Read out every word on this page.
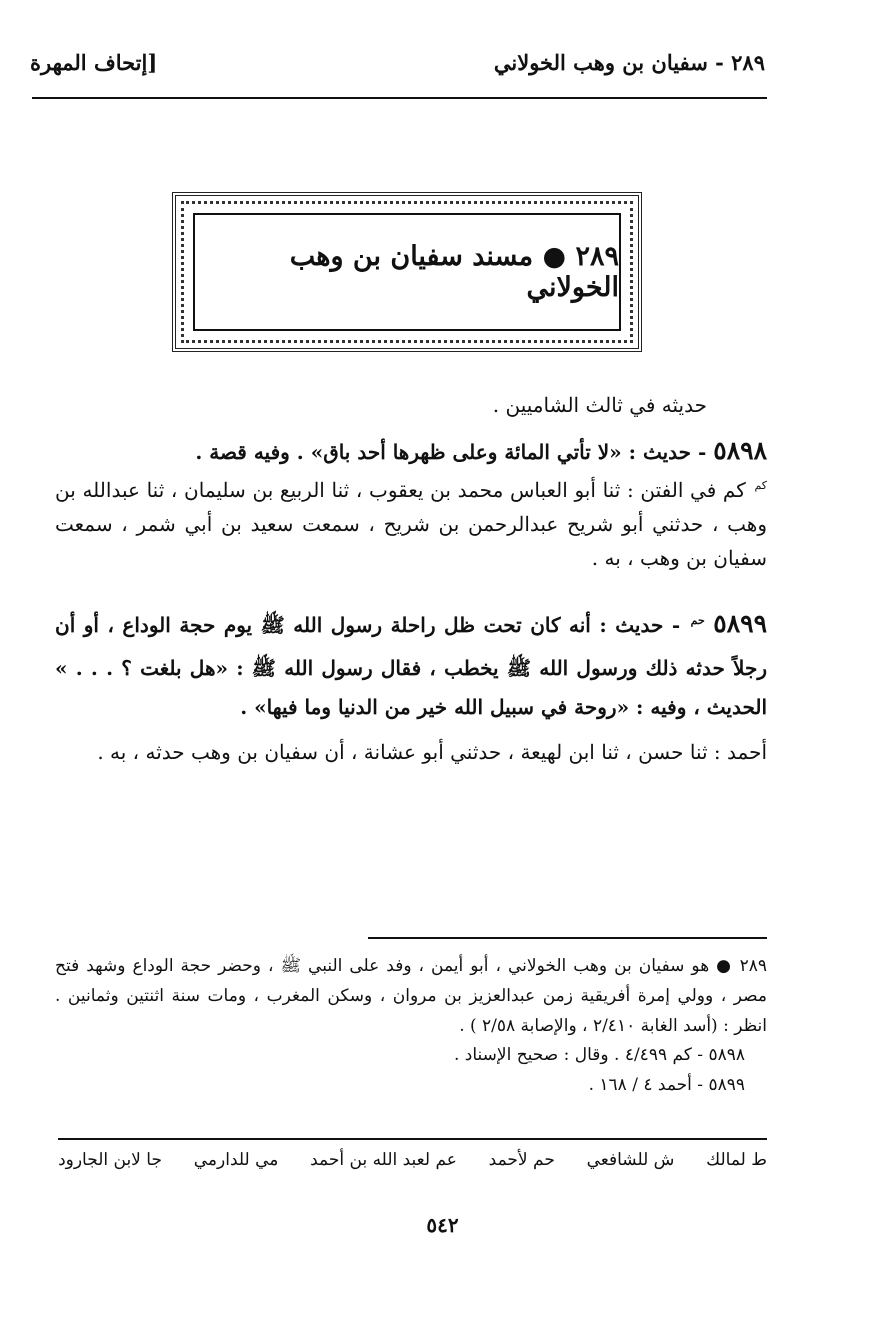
٢٨٩ - سفيان بن وهب الخولاني
[إتحاف المهرة
٢٨٩ ● مسند سفيان بن وهب الخولاني
حديثه في ثالث الشاميين .
٥٨٩٨ - حديث : «لا تأتي المائة وعلى ظهرها أحد باق» . وفيه قصة .
$^{كم}$ كم في الفتن : ثنا أبو العباس محمد بن يعقوب ، ثنا الربيع بن سليمان ، ثنا عبدالله بن وهب ، حدثني أبو شريح عبدالرحمن بن شريح ، سمعت سعيد بن أبي شمر ، سمعت سفيان بن وهب ، به .
٥٨٩٩ $^{حم}$ - حديث : أنه كان تحت ظل راحلة رسول الله ﷺ يوم حجة الوداع ، أو أن رجلاً حدثه ذلك ورسول الله ﷺ يخطب ، فقال رسول الله ﷺ : «هل بلغت ؟ . . . » الحديث ، وفيه : «روحة في سبيل الله خير من الدنيا وما فيها» .
أحمد : ثنا حسن ، ثنا ابن لهيعة ، حدثني أبو عشانة ، أن سفيان بن وهب حدثه ، به .
٢٨٩ ● هو سفيان بن وهب الخولاني ، أبو أيمن ، وفد على النبي ﷺ ، وحضر حجة الوداع وشهد فتح مصر ، وولي إمرة أفريقية زمن عبدالعزيز بن مروان ، وسكن المغرب ، ومات سنة اثنتين وثمانين . انظر : (أسد الغابة ٢/٤١٠ ، والإصابة ٢/٥٨ ) .
٥٨٩٨ - كم ٤/٤٩٩ . وقال : صحيح الإسناد .
٥٨٩٩ - أحمد ٤ / ١٦٨ .
ط لمالك
ش للشافعي
حم لأحمد
عم لعبد الله بن أحمد
مي للدارمي
جا لابن الجارود
٥٤٢
